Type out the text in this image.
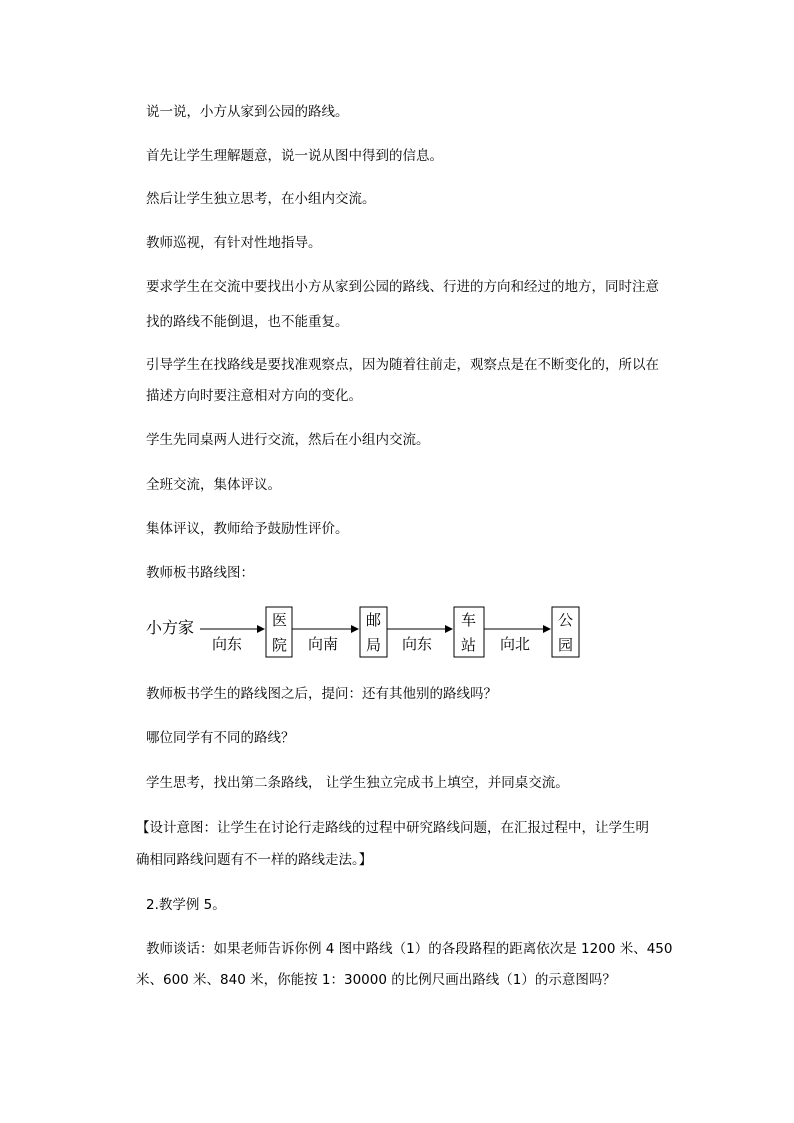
说一说，小方从家到公园的路线。

首先让学生理解题意，说一说从图中得到的信息。

然后让学生独立思考，在小组内交流。

教师巡视，有针对性地指导。

要求学生在交流中要找出小方从家到公园的路线、行进的方向和经过的地方，同时注意

找的路线不能倒退，也不能重复。

引导学生在找路线是要找准观察点，因为随着往前走，观察点是在不断变化的，所以在

描述方向时要注意相对方向的变化。

学生先同桌两人进行交流，然后在小组内交流。

全班交流，集体评议。

集体评议，教师给予鼓励性评价。

教师板书路线图：

小方家
向东	向南	向东	向北
医
院
邮
局
车
站
公
园

教师板书学生的路线图之后，提问：还有其他别的路线吗？

哪位同学有不同的路线？

学生思考，找出第二条路线， 让学生独立完成书上填空，并同桌交流。

【设计意图：让学生在讨论行走路线的过程中研究路线问题，在汇报过程中，让学生明

确相同路线问题有不一样的路线走法。】

2.教学例 5。

教师谈话：如果老师告诉你例 4 图中路线（1）的各段路程的距离依次是 1200 米、450

米、600 米、840 米，你能按 1：30000 的比例尺画出路线（1）的示意图吗？
